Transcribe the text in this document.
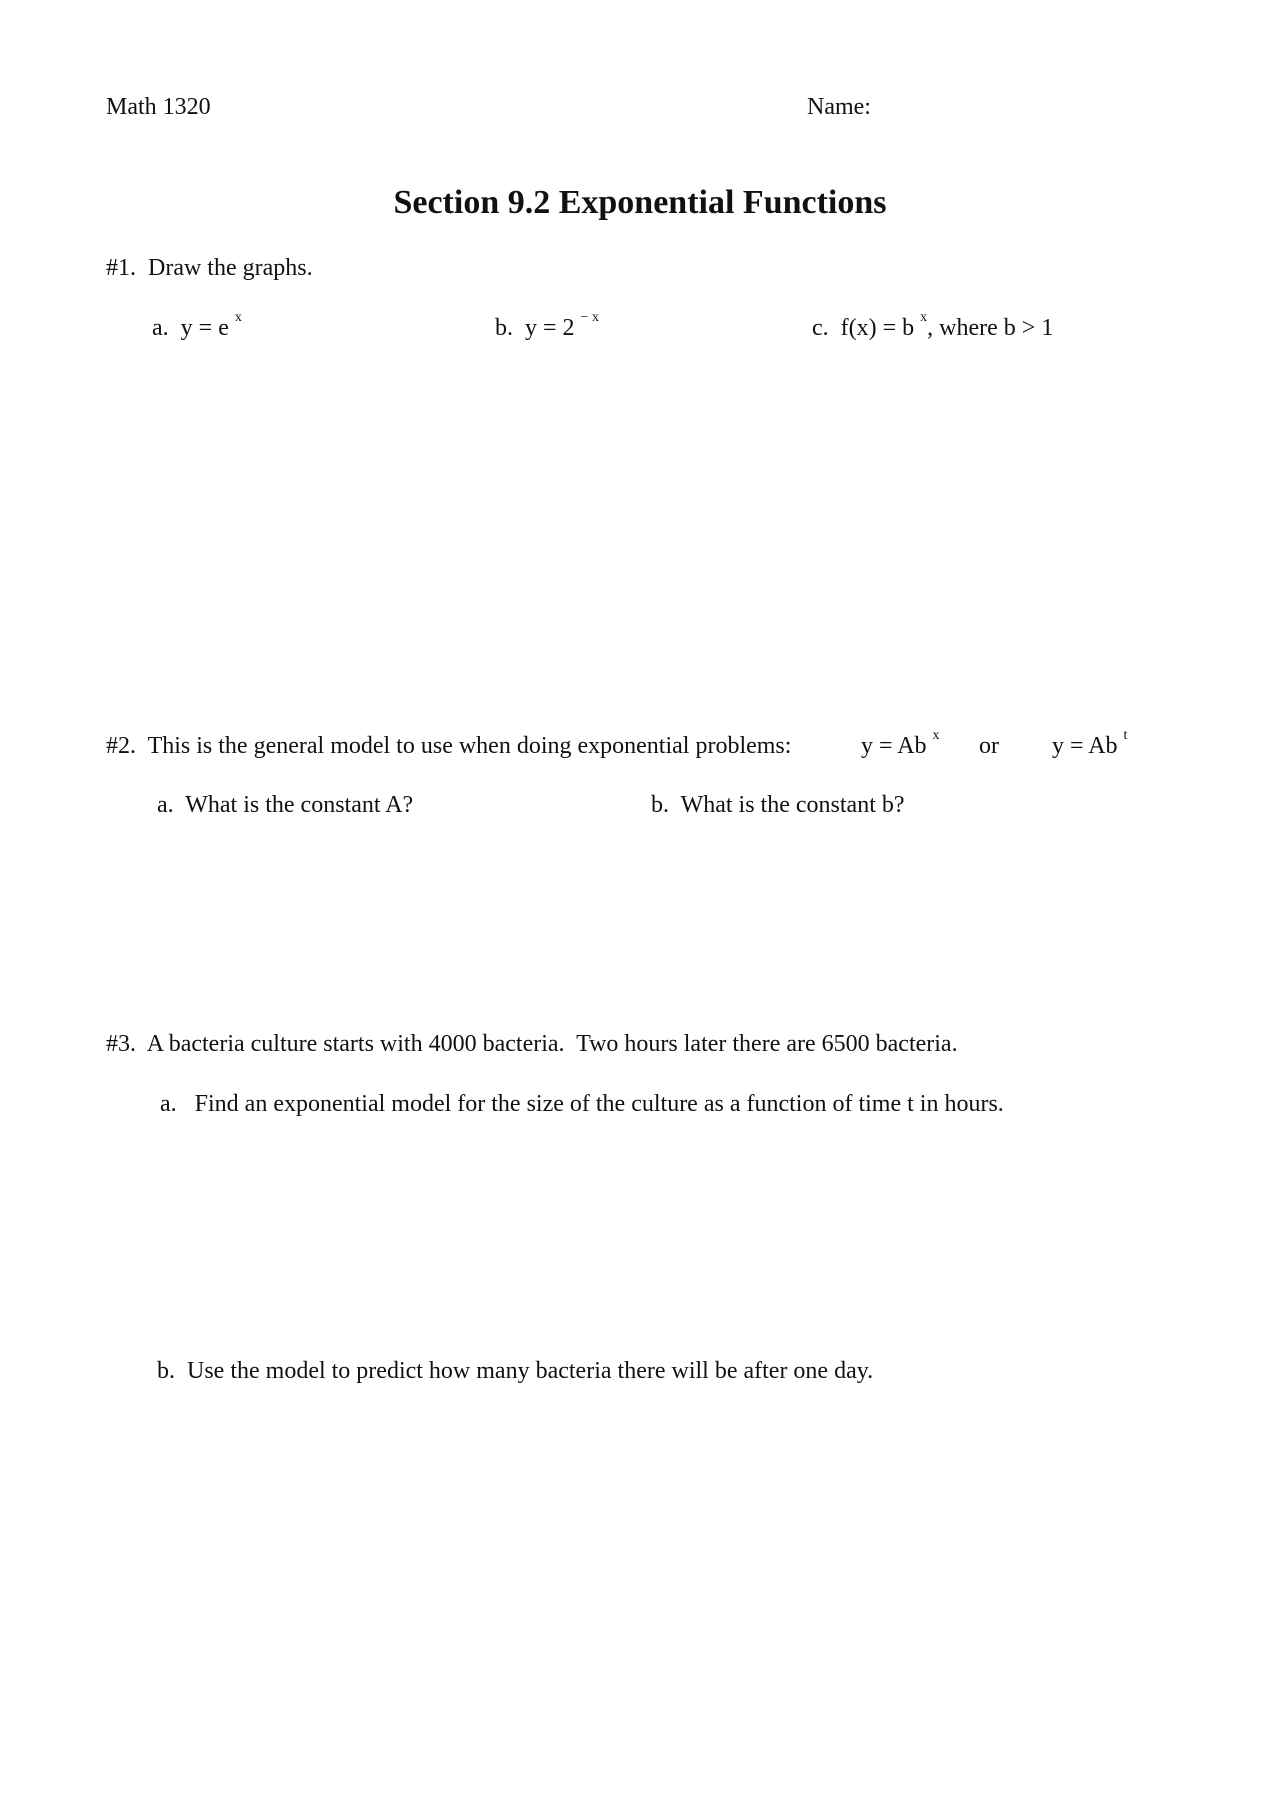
Math 1320	Name:
Section 9.2 Exponential Functions
#1. Draw the graphs.
a. y = e $^x$	b. y = 2 $^{- x}$	c. f(x) = b $^x$, where b > 1
#2. This is the general model to use when doing exponential problems:	y = Ab $^x$ or y = Ab $^t$
a. What is the constant A?	b. What is the constant b?
#3. A bacteria culture starts with 4000 bacteria.  Two hours later there are 6500 bacteria.
a. Find an exponential model for the size of the culture as a function of time t in hours.
b. Use the model to predict how many bacteria there will be after one day.
